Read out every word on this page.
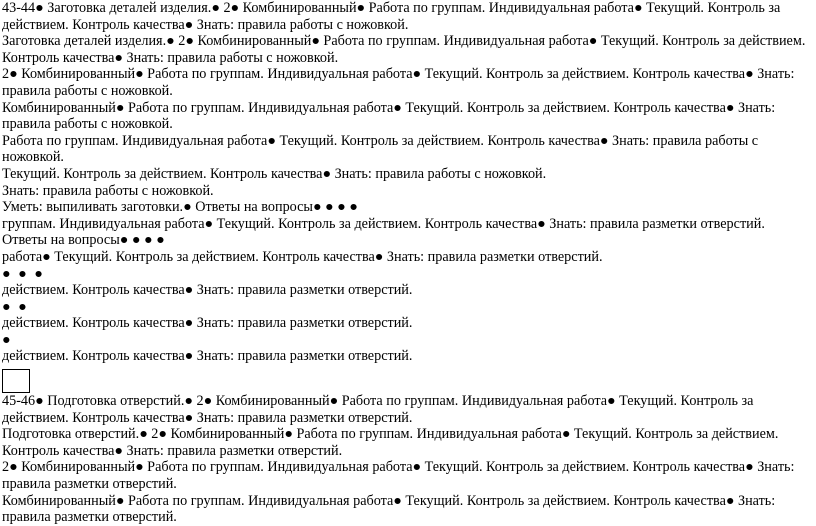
43-44● Заготовка деталей изделия.● 2● Комбинированный● Работа по группам. Индивидуальная работа● Текущий. Контроль за действием. Контроль качества● Знать: правила работы с ножовкой.

Заготовка деталей изделия.● 2● Комбинированный● Работа по группам. Индивидуальная работа● Текущий. Контроль за действием. Контроль качества● Знать: правила работы с ножовкой.

2● Комбинированный● Работа по группам. Индивидуальная работа● Текущий. Контроль за действием. Контроль качества● Знать: правила работы с ножовкой.

Комбинированный● Работа по группам. Индивидуальная работа● Текущий. Контроль за действием. Контроль качества● Знать: правила работы с ножовкой.

Работа по группам. Индивидуальная работа● Текущий. Контроль за действием. Контроль качества● Знать: правила работы с ножовкой.

Текущий. Контроль за действием. Контроль качества● Знать: правила работы с ножовкой.

Знать: правила работы с ножовкой.

Уметь: выпиливать заготовки.● Ответы на вопросы● ● ● ●

группам. Индивидуальная работа● Текущий. Контроль за действием. Контроль качества● Знать: правила разметки отверстий.

Ответы на вопросы● ● ● ●

работа● Текущий. Контроль за действием. Контроль качества● Знать: правила разметки отверстий.

● ● ●

действием. Контроль качества● Знать: правила разметки отверстий.

● ●

действием. Контроль качества● Знать: правила разметки отверстий.

●

действием. Контроль качества● Знать: правила разметки отверстий.

45-46● Подготовка отверстий.● 2● Комбинированный● Работа по группам. Индивидуальная работа● Текущий. Контроль за действием. Контроль качества● Знать: правила разметки отверстий.

Подготовка отверстий.● 2● Комбинированный● Работа по группам. Индивидуальная работа● Текущий. Контроль за действием. Контроль качества● Знать: правила разметки отверстий.

2● Комбинированный● Работа по группам. Индивидуальная работа● Текущий. Контроль за действием. Контроль качества● Знать: правила разметки отверстий.

Комбинированный● Работа по группам. Индивидуальная работа● Текущий. Контроль за действием. Контроль качества● Знать: правила разметки отверстий.
